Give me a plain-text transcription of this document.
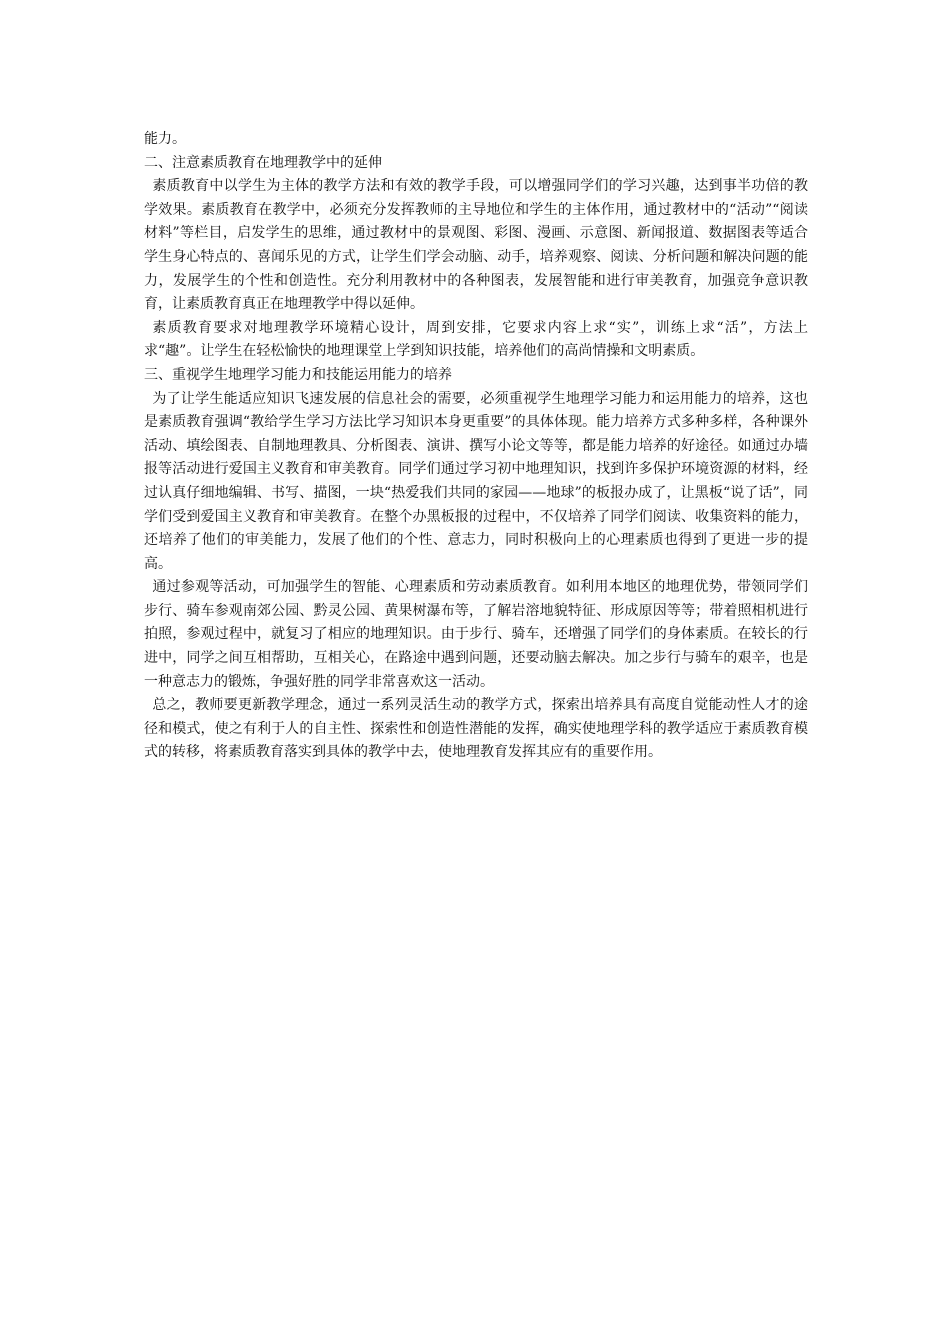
能力。

二、注意素质教育在地理教学中的延伸

素质教育中以学生为主体的教学方法和有效的教学手段，可以增强同学们的学习兴趣，达到事半功倍的教学效果。素质教育在教学中，必须充分发挥教师的主导地位和学生的主体作用，通过教材中的“活动”“阅读材料”等栏目，启发学生的思维，通过教材中的景观图、彩图、漫画、示意图、新闻报道、数据图表等适合学生身心特点的、喜闻乐见的方式，让学生们学会动脑、动手，培养观察、阅读、分析问题和解决问题的能力，发展学生的个性和创造性。充分利用教材中的各种图表，发展智能和进行审美教育，加强竞争意识教育，让素质教育真正在地理教学中得以延伸。

素质教育要求对地理教学环境精心设计，周到安排，它要求内容上求“实”，训练上求“活”，方法上求“趣”。让学生在轻松愉快的地理课堂上学到知识技能，培养他们的高尚情操和文明素质。

三、重视学生地理学习能力和技能运用能力的培养

为了让学生能适应知识飞速发展的信息社会的需要，必须重视学生地理学习能力和运用能力的培养，这也是素质教育强调“教给学生学习方法比学习知识本身更重要”的具体体现。能力培养方式多种多样，各种课外活动、填绘图表、自制地理教具、分析图表、演讲、撰写小论文等等，都是能力培养的好途径。如通过办墙报等活动进行爱国主义教育和审美教育。同学们通过学习初中地理知识，找到许多保护环境资源的材料，经过认真仔细地编辑、书写、描图，一块“热爱我们共同的家园——地球”的板报办成了，让黑板“说了话”，同学们受到爱国主义教育和审美教育。在整个办黑板报的过程中，不仅培养了同学们阅读、收集资料的能力，还培养了他们的审美能力，发展了他们的个性、意志力，同时积极向上的心理素质也得到了更进一步的提高。

通过参观等活动，可加强学生的智能、心理素质和劳动素质教育。如利用本地区的地理优势，带领同学们步行、骑车参观南郊公园、黔灵公园、黄果树瀑布等，了解岩溶地貌特征、形成原因等等；带着照相机进行拍照，参观过程中，就复习了相应的地理知识。由于步行、骑车，还增强了同学们的身体素质。在较长的行进中，同学之间互相帮助，互相关心，在路途中遇到问题，还要动脑去解决。加之步行与骑车的艰辛，也是一种意志力的锻炼，争强好胜的同学非常喜欢这一活动。

总之，教师要更新教学理念，通过一系列灵活生动的教学方式，探索出培养具有高度自觉能动性人才的途径和模式，使之有利于人的自主性、探索性和创造性潜能的发挥，确实使地理学科的教学适应于素质教育模式的转移，将素质教育落实到具体的教学中去，使地理教育发挥其应有的重要作用。
